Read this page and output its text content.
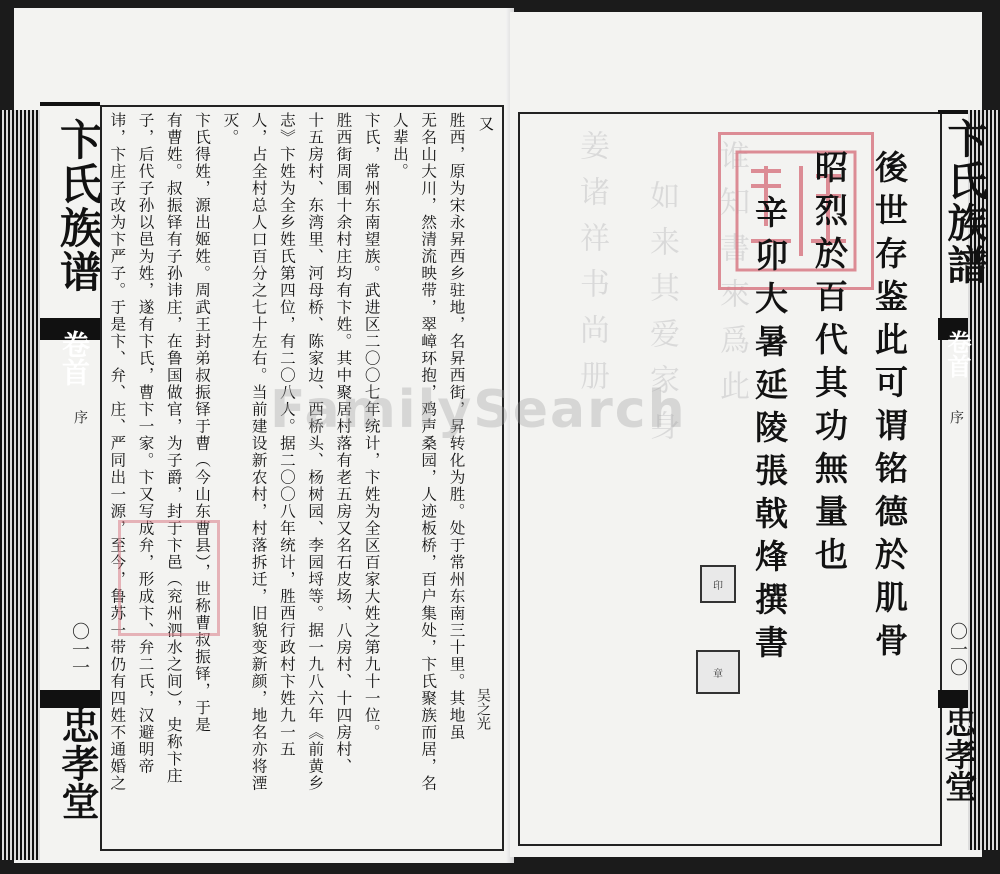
卞氏族谱
卷首
序
〇一一
忠孝堂
又
吴之光
胜西，原为宋永昇西乡驻地，名昇西街，昇转化为胜。处于常州东南三十里。其地虽
无名山大川，然清流映带，翠嶂环抱，鸡声桑园，人迹板桥，百户集处，卞氏聚族而居，名
人辈出。
卞氏，常州东南望族。武进区二〇〇七年统计，卞姓为全区百家大姓之第九十一位。
胜西街周围十余村庄均有卞姓。其中聚居村落有老五房又名石皮场、八房村、十四房村、
十五房村、东湾里、河母桥、陈家边、西桥头、杨树园、李园埒等。据一九八六年《前黄乡
志》卞姓为全乡姓氏第四位，有二〇八人。据二〇〇八年统计，胜西行政村卞姓九一五
人，占全村总人口百分之七十左右。当前建设新农村，村落拆迁，旧貌变新颜，地名亦将湮
灭。
卞氏得姓，源出姬姓。周武王封弟叔振铎于曹（今山东曹县），世称曹叔振铎，于是
有曹姓。叔振铎有子孙讳庄，在鲁国做官，为子爵，封于卞邑（兖州泗水之间），史称卞庄
子，后代子孙以邑为姓，遂有卞氏，曹卞一家。卞又写成弁，形成卞、弁二氏，汉避明帝
讳，卞庄子改为卞严子。于是卞、弁、庄、严同出一源，至今，鲁苏一带仍有四姓不通婚之	谁知書來爲此
如来其爱家身
姜诸祥书尚册	後世存鉴此可谓铭德於肌骨
昭烈於百代其功無量也
辛卯大暑延陵張戟烽撰書
印
章
卞氏族譜
卷首
序
〇一〇
忠孝堂
FamilySearch
